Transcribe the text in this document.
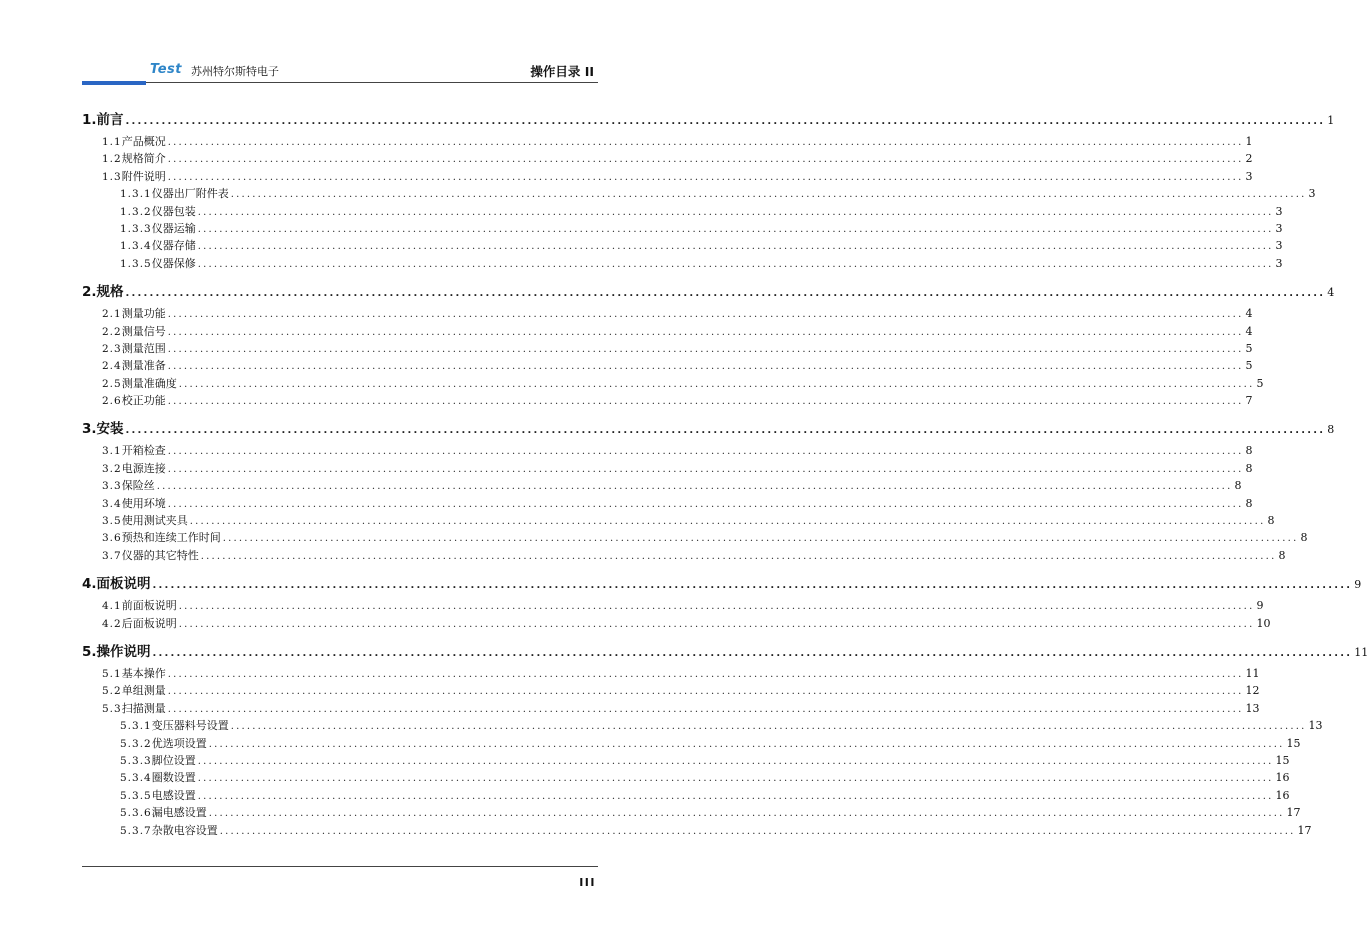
Test 苏州特尔斯特电子	操作目录 II
1. 前言 ........................................................................................................................................................................................................ 1
1.1 产品概况 ........................................................................................................................................................................................................ 1
1.2 规格简介 ........................................................................................................................................................................................................ 2
1.3 附件说明 ........................................................................................................................................................................................................ 3
1.3.1 仪器出厂附件表 ........................................................................................................................................................................................................ 3
1.3.2 仪器包装 ........................................................................................................................................................................................................ 3
1.3.3 仪器运输 ........................................................................................................................................................................................................ 3
1.3.4 仪器存储 ........................................................................................................................................................................................................ 3
1.3.5 仪器保修 ........................................................................................................................................................................................................ 3
2. 规格 ........................................................................................................................................................................................................ 4
2.1 测量功能 ........................................................................................................................................................................................................ 4
2.2 测量信号 ........................................................................................................................................................................................................ 4
2.3 测量范围 ........................................................................................................................................................................................................ 5
2.4 测量准备 ........................................................................................................................................................................................................ 5
2.5 测量准确度 ........................................................................................................................................................................................................ 5
2.6 校正功能 ........................................................................................................................................................................................................ 7
3. 安装 ........................................................................................................................................................................................................ 8
3.1 开箱检查 ........................................................................................................................................................................................................ 8
3.2 电源连接 ........................................................................................................................................................................................................ 8
3.3 保险丝 ........................................................................................................................................................................................................ 8
3.4 使用环境 ........................................................................................................................................................................................................ 8
3.5 使用测试夹具 ........................................................................................................................................................................................................ 8
3.6 预热和连续工作时间 ........................................................................................................................................................................................................ 8
3.7 仪器的其它特性 ........................................................................................................................................................................................................ 8
4. 面板说明 ........................................................................................................................................................................................................ 9
4.1 前面板说明 ........................................................................................................................................................................................................ 9
4.2 后面板说明 ........................................................................................................................................................................................................ 10
5. 操作说明 ........................................................................................................................................................................................................ 11
5.1 基本操作 ........................................................................................................................................................................................................ 11
5.2 单组测量 ........................................................................................................................................................................................................ 12
5.3 扫描测量 ........................................................................................................................................................................................................ 13
5.3.1 变压器料号设置 ........................................................................................................................................................................................................ 13
5.3.2 优选项设置 ........................................................................................................................................................................................................ 15
5.3.3 脚位设置 ........................................................................................................................................................................................................ 15
5.3.4 圈数设置 ........................................................................................................................................................................................................ 16
5.3.5 电感设置 ........................................................................................................................................................................................................ 16
5.3.6 漏电感设置 ........................................................................................................................................................................................................ 17
5.3.7 杂散电容设置 ........................................................................................................................................................................................................ 17
III
